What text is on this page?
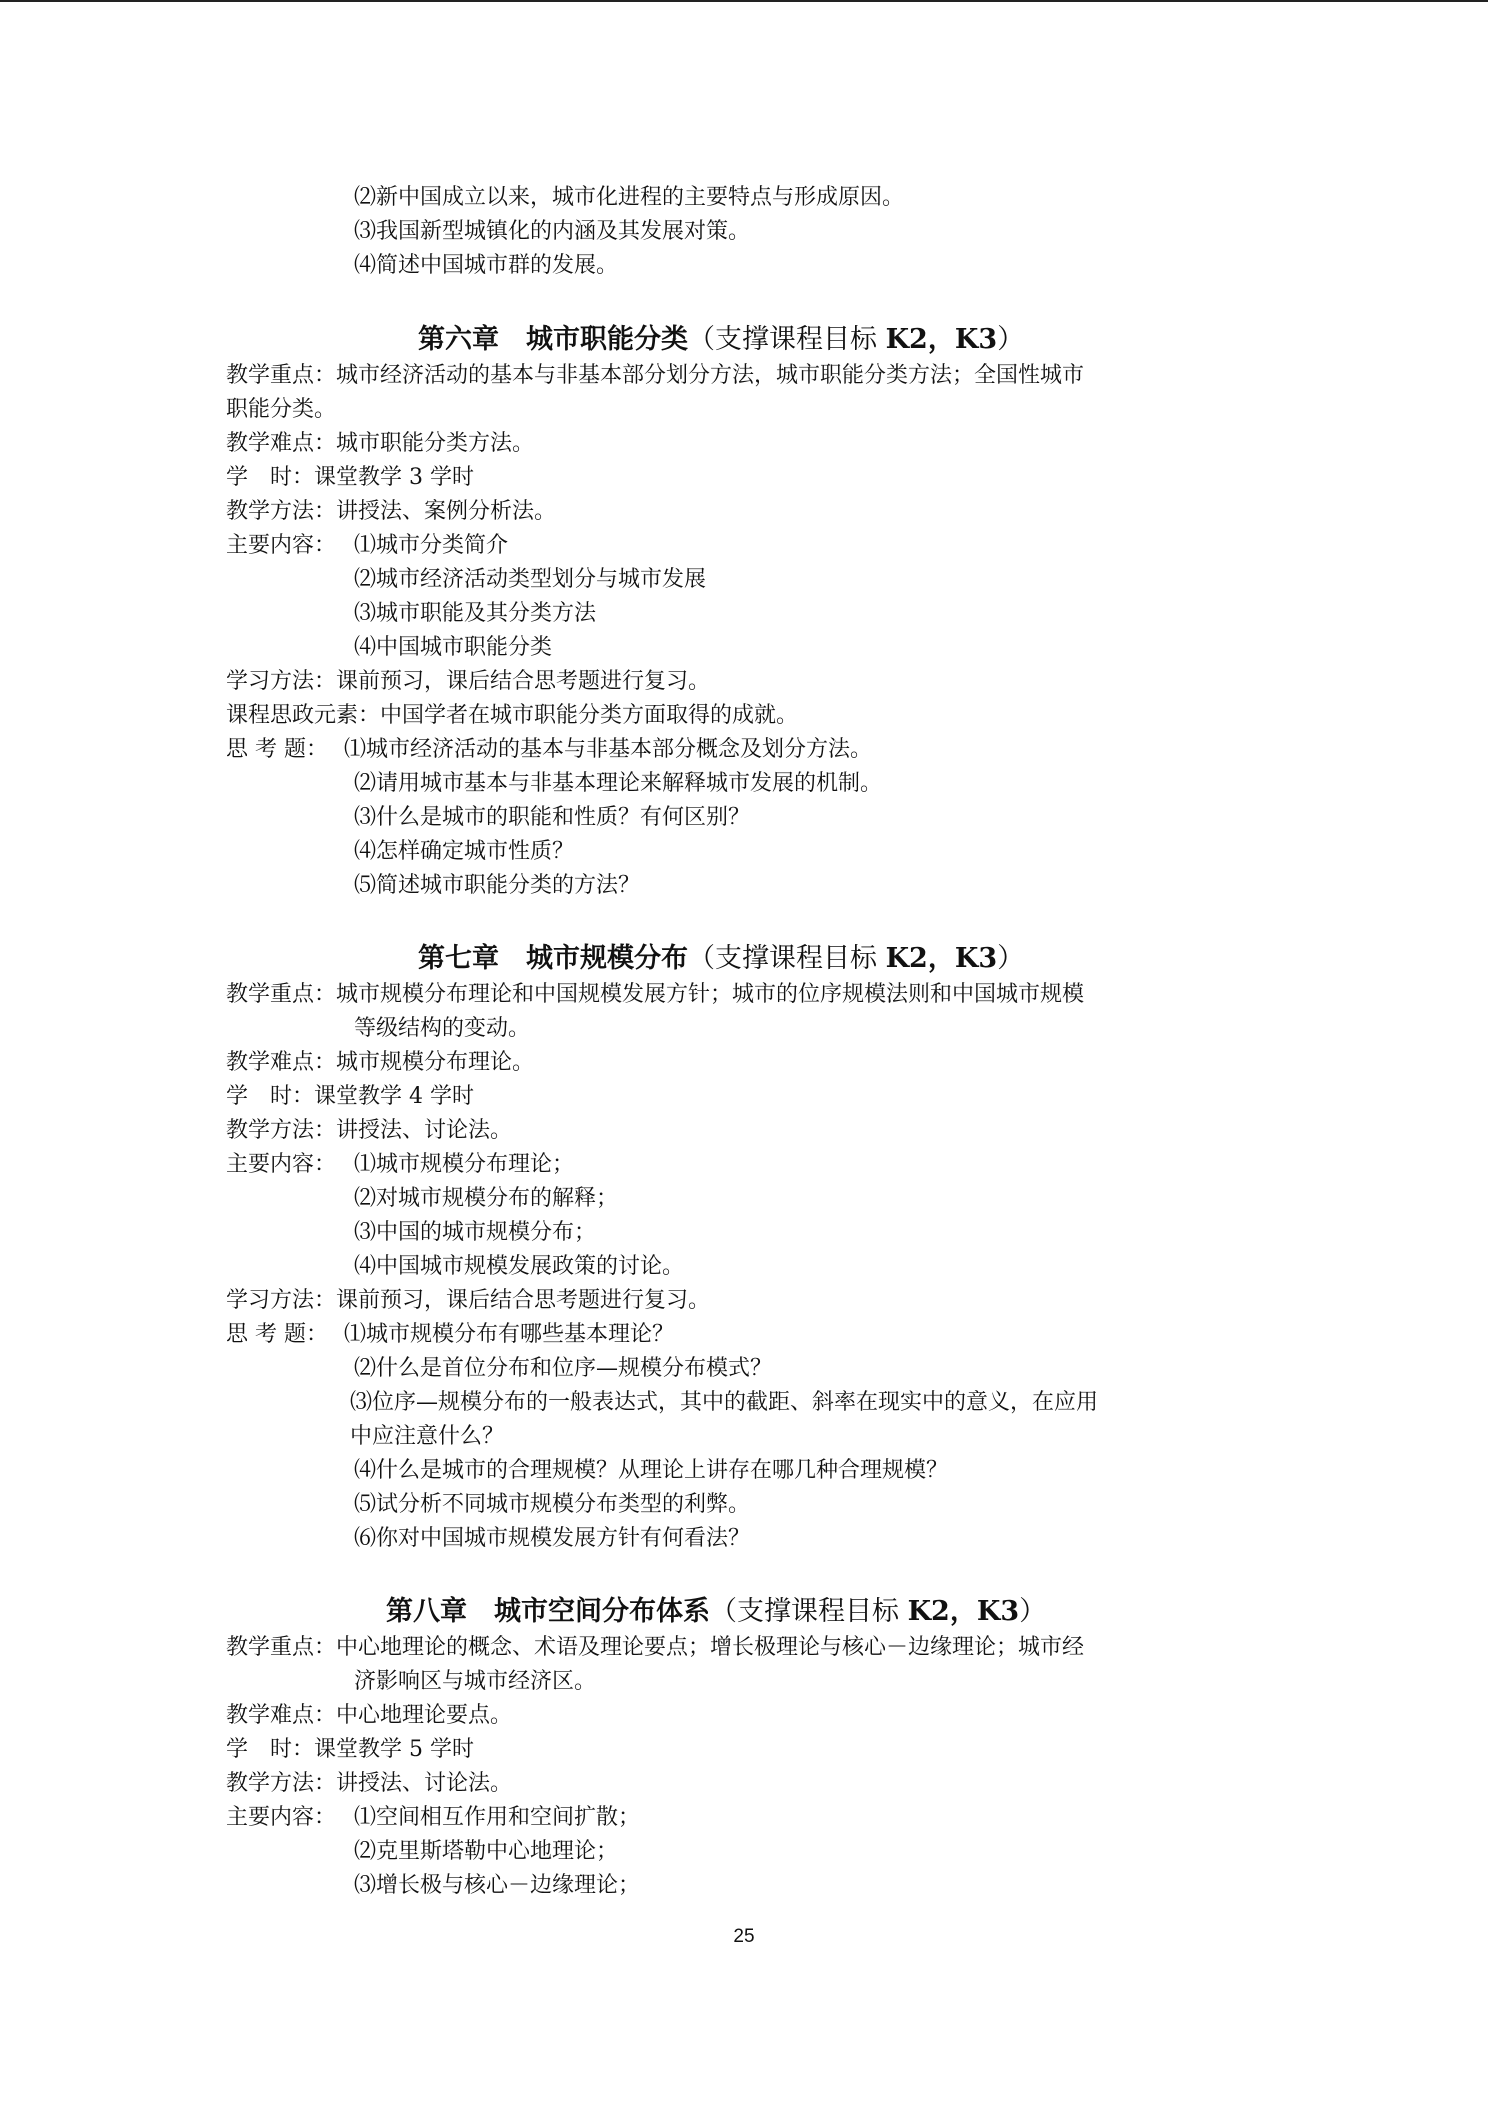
⑵新中国成立以来，城市化进程的主要特点与形成原因。
⑶我国新型城镇化的内涵及其发展对策。
⑷简述中国城市群的发展。
第六章　城市职能分类（支撑课程目标 K2，K3）
教学重点：城市经济活动的基本与非基本部分划分方法，城市职能分类方法；全国性城市
职能分类。
教学难点：城市职能分类方法。
学　时：课堂教学 3 学时
教学方法：讲授法、案例分析法。
主要内容： ⑴城市分类简介
⑵城市经济活动类型划分与城市发展
⑶城市职能及其分类方法
⑷中国城市职能分类
学习方法：课前预习，课后结合思考题进行复习。
课程思政元素：中国学者在城市职能分类方面取得的成就。
思 考 题： ⑴城市经济活动的基本与非基本部分概念及划分方法。
⑵请用城市基本与非基本理论来解释城市发展的机制。
⑶什么是城市的职能和性质？有何区别？
⑷怎样确定城市性质？
⑸简述城市职能分类的方法？
第七章　城市规模分布（支撑课程目标 K2，K3）
教学重点：城市规模分布理论和中国规模发展方针；城市的位序规模法则和中国城市规模
等级结构的变动。
教学难点：城市规模分布理论。
学　时：课堂教学 4 学时
教学方法：讲授法、讨论法。
主要内容： ⑴城市规模分布理论；
⑵对城市规模分布的解释；
⑶中国的城市规模分布；
⑷中国城市规模发展政策的讨论。
学习方法：课前预习，课后结合思考题进行复习。
思 考 题： ⑴城市规模分布有哪些基本理论？
⑵什么是首位分布和位序—规模分布模式？
⑶位序—规模分布的一般表达式，其中的截距、斜率在现实中的意义，在应用
中应注意什么？
⑷什么是城市的合理规模？从理论上讲存在哪几种合理规模？
⑸试分析不同城市规模分布类型的利弊。
⑹你对中国城市规模发展方针有何看法？
第八章　城市空间分布体系（支撑课程目标 K2，K3）
教学重点：中心地理论的概念、术语及理论要点；增长极理论与核心－边缘理论；城市经
济影响区与城市经济区。
教学难点：中心地理论要点。
学　时：课堂教学 5 学时
教学方法：讲授法、讨论法。
主要内容： ⑴空间相互作用和空间扩散；
⑵克里斯塔勒中心地理论；
⑶增长极与核心－边缘理论；
25
